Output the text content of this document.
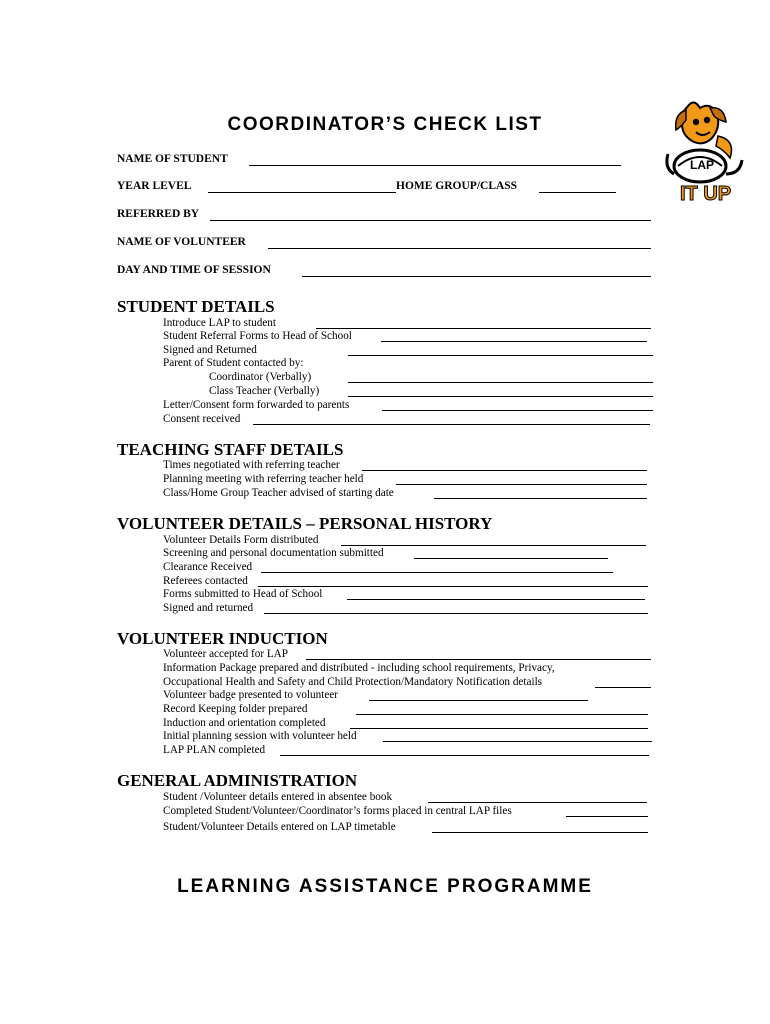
COORDINATOR’S CHECK LIST
LAP
IT UP
NAME OF STUDENT
YEAR LEVEL	HOME GROUP/CLASS
REFERRED BY
NAME OF VOLUNTEER
DAY AND TIME OF SESSION
STUDENT DETAILS
Introduce LAP to student
Student Referral Forms to Head of School
Signed and Returned
Parent of Student contacted by:
Coordinator (Verbally)
Class Teacher (Verbally)
Letter/Consent form forwarded to parents
Consent received
TEACHING STAFF DETAILS
Times negotiated with referring teacher
Planning meeting with referring teacher held
Class/Home Group Teacher advised of starting date
VOLUNTEER DETAILS – PERSONAL HISTORY
Volunteer Details Form distributed
Screening and personal documentation submitted
Clearance Received
Referees contacted
Forms submitted to Head of School
Signed and returned
VOLUNTEER INDUCTION
Volunteer accepted for LAP
Information Package prepared and distributed - including school requirements, Privacy,
Occupational Health and Safety and Child Protection/Mandatory Notification details
Volunteer badge presented to volunteer
Record Keeping folder prepared
Induction and orientation completed
Initial planning session with volunteer held
LAP PLAN completed
GENERAL ADMINISTRATION
Student /Volunteer details entered in absentee book
Completed Student/Volunteer/Coordinator’s forms placed in central LAP files
Student/Volunteer Details entered on LAP timetable
LEARNING ASSISTANCE PROGRAMME
